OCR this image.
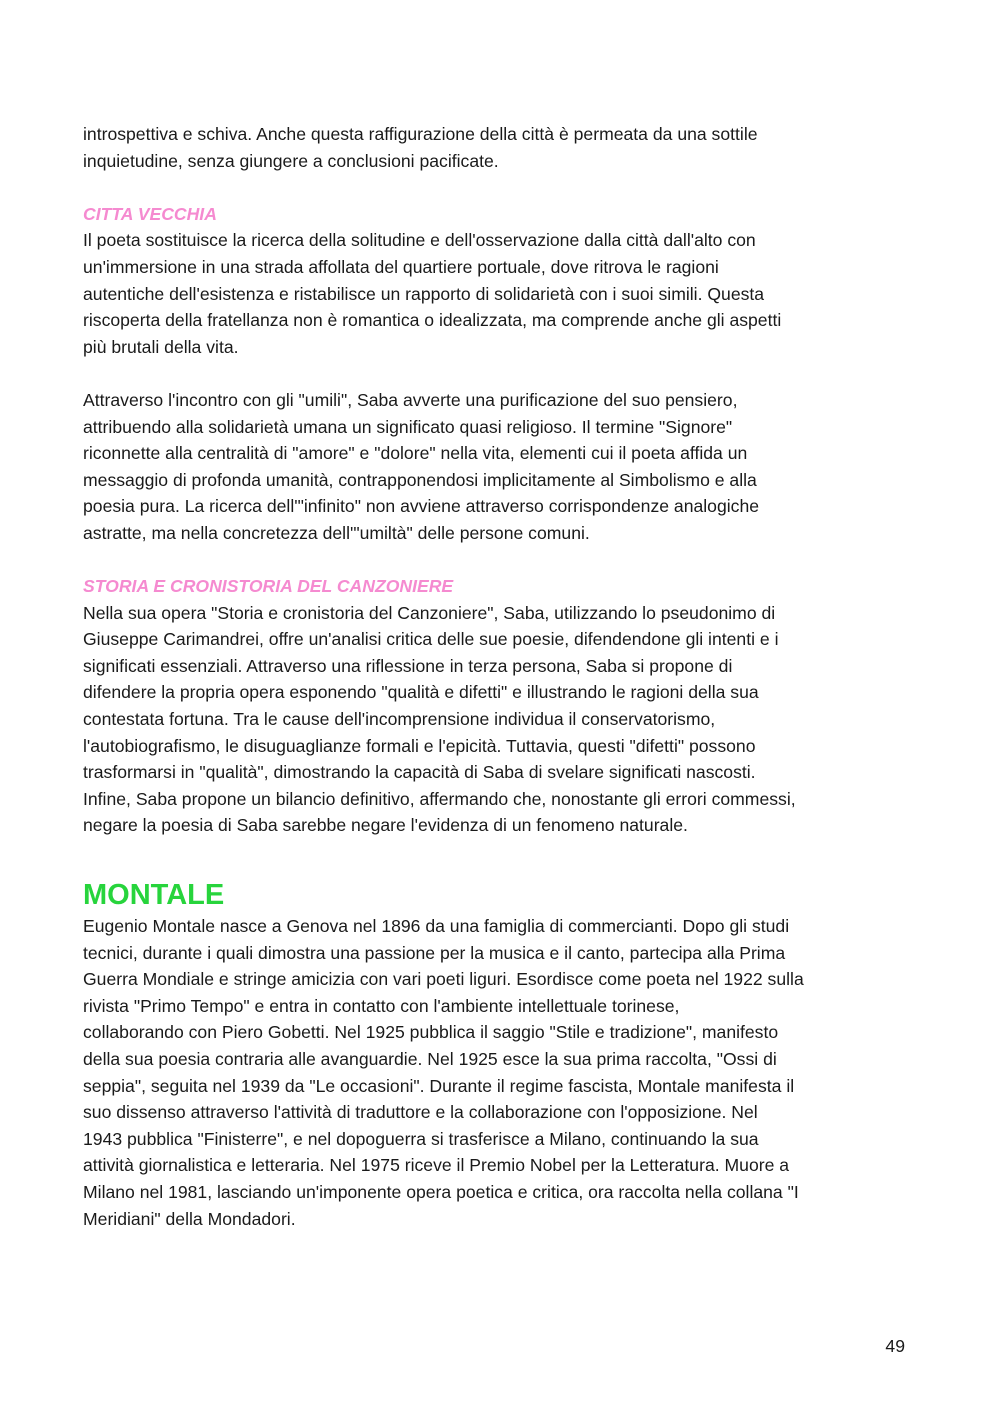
introspettiva e schiva. Anche questa raffigurazione della città è permeata da una sottile
inquietudine, senza giungere a conclusioni pacificate.

CITTA VECCHIA

Il poeta sostituisce la ricerca della solitudine e dell'osservazione dalla città dall'alto con
un'immersione in una strada affollata del quartiere portuale, dove ritrova le ragioni
autentiche dell'esistenza e ristabilisce un rapporto di solidarietà con i suoi simili. Questa
riscoperta della fratellanza non è romantica o idealizzata, ma comprende anche gli aspetti
più brutali della vita.

Attraverso l'incontro con gli "umili", Saba avverte una purificazione del suo pensiero,
attribuendo alla solidarietà umana un significato quasi religioso. Il termine "Signore"
riconnette alla centralità di "amore" e "dolore" nella vita, elementi cui il poeta affida un
messaggio di profonda umanità, contrapponendosi implicitamente al Simbolismo e alla
poesia pura. La ricerca dell'"infinito" non avviene attraverso corrispondenze analogiche
astratte, ma nella concretezza dell'"umiltà" delle persone comuni.

STORIA E CRONISTORIA DEL CANZONIERE

Nella sua opera "Storia e cronistoria del Canzoniere", Saba, utilizzando lo pseudonimo di
Giuseppe Carimandrei, offre un'analisi critica delle sue poesie, difendendone gli intenti e i
significati essenziali. Attraverso una riflessione in terza persona, Saba si propone di
difendere la propria opera esponendo "qualità e difetti" e illustrando le ragioni della sua
contestata fortuna. Tra le cause dell'incomprensione individua il conservatorismo,
l'autobiografismo, le disuguaglianze formali e l'epicità. Tuttavia, questi "difetti" possono
trasformarsi in "qualità", dimostrando la capacità di Saba di svelare significati nascosti.
Infine, Saba propone un bilancio definitivo, affermando che, nonostante gli errori commessi,
negare la poesia di Saba sarebbe negare l'evidenza di un fenomeno naturale.

MONTALE

Eugenio Montale nasce a Genova nel 1896 da una famiglia di commercianti. Dopo gli studi
tecnici, durante i quali dimostra una passione per la musica e il canto, partecipa alla Prima
Guerra Mondiale e stringe amicizia con vari poeti liguri. Esordisce come poeta nel 1922 sulla
rivista "Primo Tempo" e entra in contatto con l'ambiente intellettuale torinese,
collaborando con Piero Gobetti. Nel 1925 pubblica il saggio "Stile e tradizione", manifesto
della sua poesia contraria alle avanguardie. Nel 1925 esce la sua prima raccolta, "Ossi di
seppia", seguita nel 1939 da "Le occasioni". Durante il regime fascista, Montale manifesta il
suo dissenso attraverso l'attività di traduttore e la collaborazione con l'opposizione. Nel
1943 pubblica "Finisterre", e nel dopoguerra si trasferisce a Milano, continuando la sua
attività giornalistica e letteraria. Nel 1975 riceve il Premio Nobel per la Letteratura. Muore a
Milano nel 1981, lasciando un'imponente opera poetica e critica, ora raccolta nella collana "I
Meridiani" della Mondadori.

49
